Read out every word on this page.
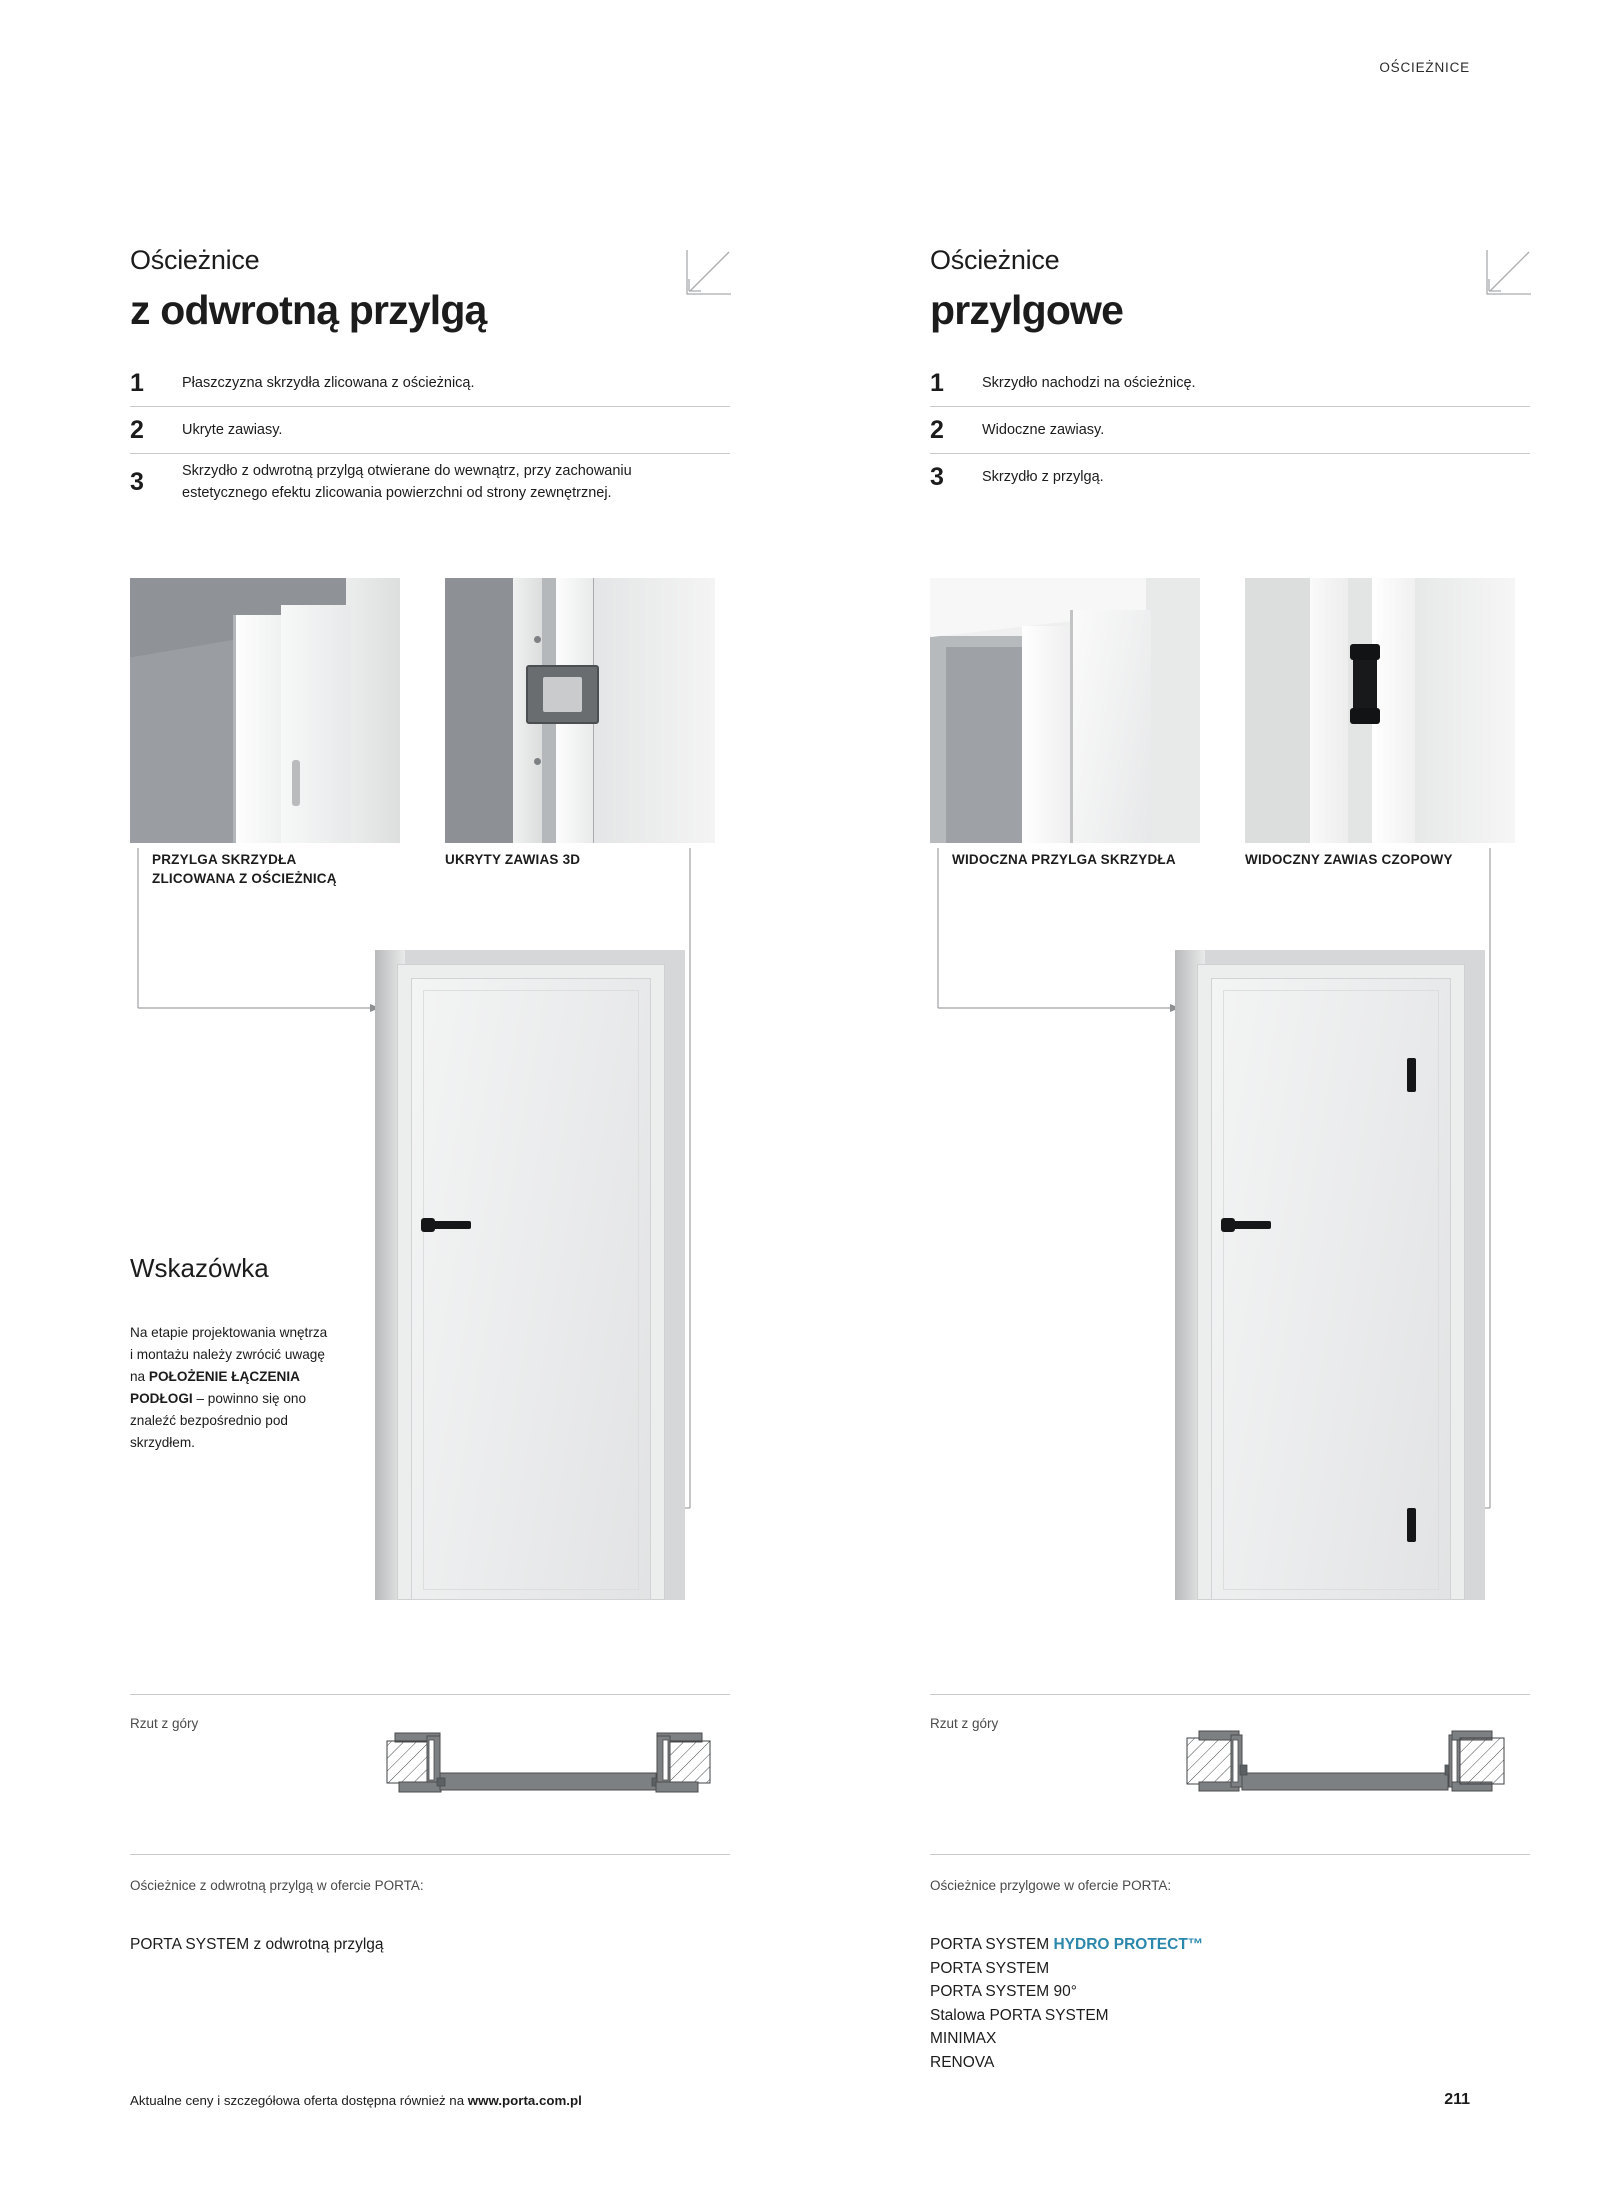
OŚCIEŻNICE
Ościeżnice
z odwrotną przylgą
1	Płaszczyzna skrzydła zlicowana z ościeżnicą.
2	Ukryte zawiasy.
3	Skrzydło z odwrotną przylgą otwierane do wewnątrz, przy zachowaniu estetycznego efektu zlicowania powierzchni od strony zewnętrznej.
PRZYLGA SKRZYDŁA ZLICOWANA Z OŚCIEŻNICĄ
UKRYTY ZAWIAS 3D
Wskazówka
Na etapie projektowania wnętrza i montażu należy zwrócić uwagę na POŁOŻENIE ŁĄCZENIA PODŁOGI – powinno się ono znaleźć bezpośrednio pod skrzydłem.
Rzut z góry
Ościeżnice z odwrotną przylgą w ofercie PORTA:
PORTA SYSTEM z odwrotną przylgą
Ościeżnice
przylgowe
1	Skrzydło nachodzi na ościeżnicę.
2	Widoczne zawiasy.
3	Skrzydło z przylgą.
WIDOCZNA PRZYLGA SKRZYDŁA	WIDOCZNY ZAWIAS CZOPOWY
Rzut z góry
Ościeżnice przylgowe w ofercie PORTA:
PORTA SYSTEM HYDRO PROTECT™
PORTA SYSTEM
PORTA SYSTEM 90°
Stalowa PORTA SYSTEM
MINIMAX
RENOVA
Aktualne ceny i szczegółowa oferta dostępna również na www.porta.com.pl	211
